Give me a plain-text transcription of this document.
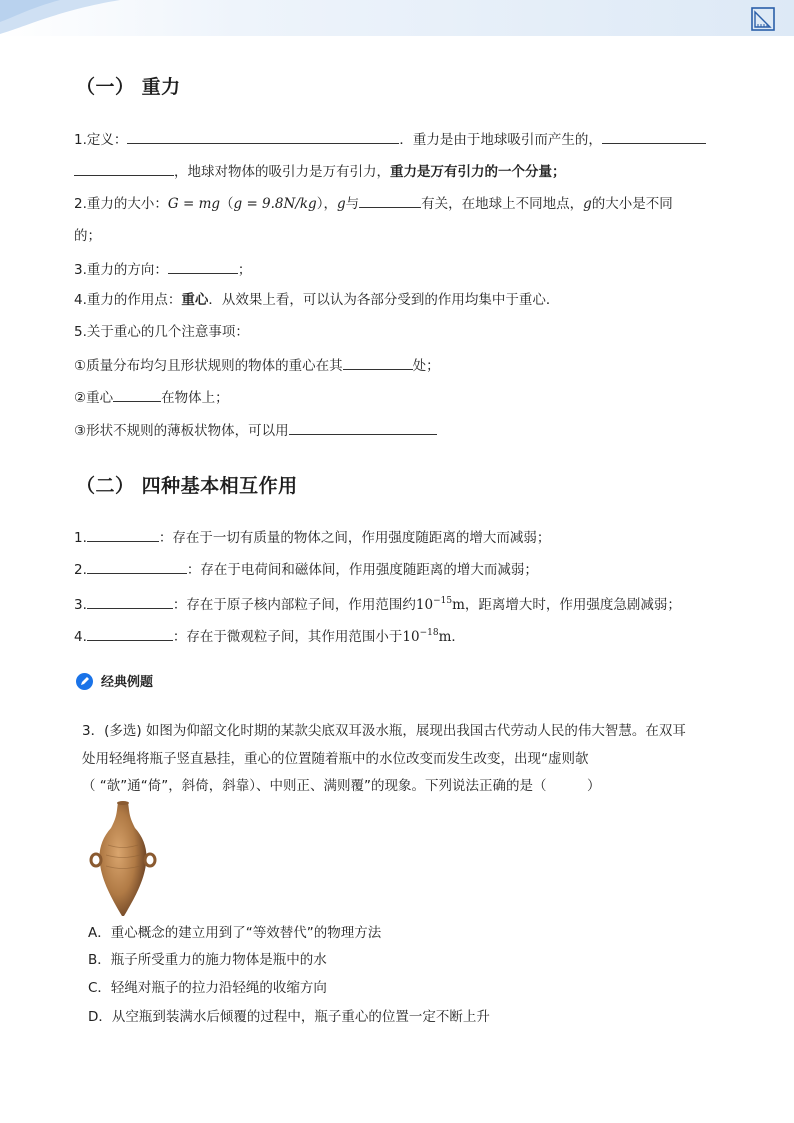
（一） 重力
1.定义：	．重力是由于地球吸引而产生的，
，地球对物体的吸引力是万有引力，重力是万有引力的一个分量；
2.重力的大小：G = mg（g = 9.8N/kg），g与	有关，在地球上不同地点，g的大小是不同
的；
3.重力的方向：	；
4.重力的作用点：重心．从效果上看，可以认为各部分受到的作用均集中于重心．
5.关于重心的几个注意事项：
①质量分布均匀且形状规则的物体的重心在其	处；
②重心	在物体上；
③形状不规则的薄板状物体，可以用
（二） 四种基本相互作用
1.	：存在于一切有质量的物体之间，作用强度随距离的增大而减弱；
2.	：存在于电荷间和磁体间，作用强度随距离的增大而减弱；
3.	：存在于原子核内部粒子间，作用范围约$10^{-15}m$，距离增大时，作用强度急剧减弱；
4.	：存在于微观粒子间，其作用范围小于$10^{-18}m$．
经典例题
3．(多选) 如图为仰韶文化时期的某款尖底双耳汲水瓶，展现出我国古代劳动人民的伟大智慧。在双耳
处用轻绳将瓶子竖直悬挂，重心的位置随着瓶中的水位改变而发生改变，出现“虚则欹
（ “欹”通“倚”，斜倚，斜靠）、中则正、满则覆”的现象。下列说法正确的是（　　　）
A．重心概念的建立用到了“等效替代”的物理方法
B．瓶子所受重力的施力物体是瓶中的水
C．轻绳对瓶子的拉力沿轻绳的收缩方向
D．从空瓶到装满水后倾覆的过程中，瓶子重心的位置一定不断上升
